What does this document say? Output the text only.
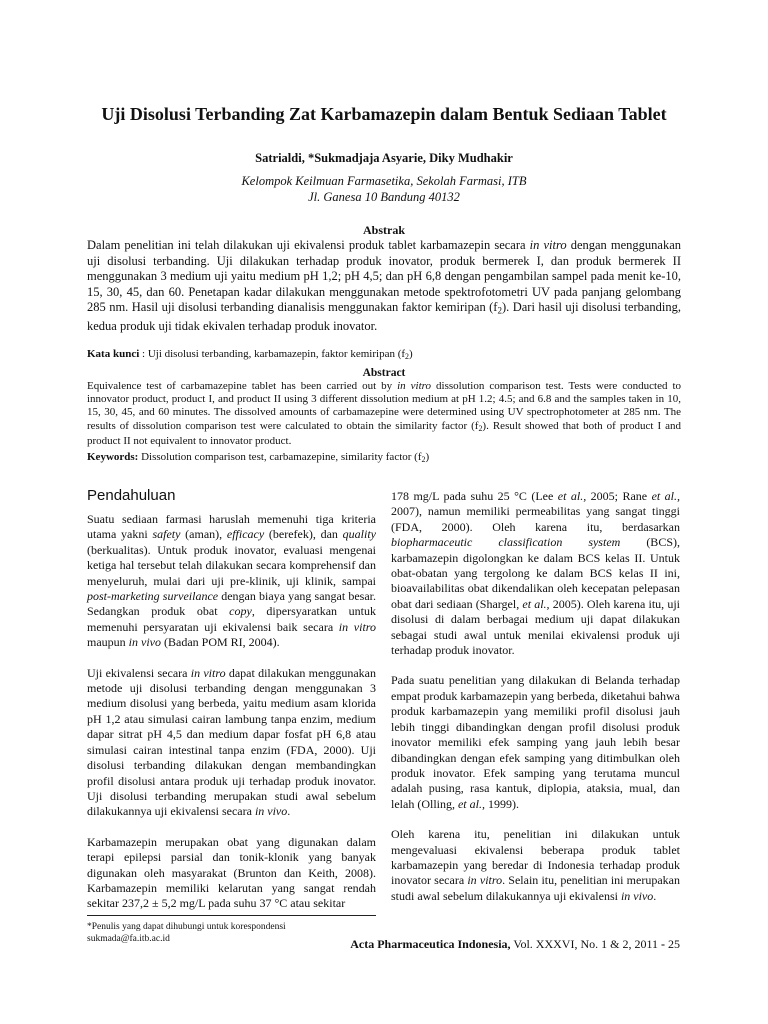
Uji Disolusi Terbanding Zat Karbamazepin dalam Bentuk Sediaan Tablet
Satrialdi, *Sukmadjaja Asyarie, Diky Mudhakir
Kelompok Keilmuan Farmasetika, Sekolah Farmasi, ITB
Jl. Ganesa 10 Bandung 40132
Abstrak
Dalam penelitian ini telah dilakukan uji ekivalensi produk tablet karbamazepin secara in vitro dengan menggunakan uji disolusi terbanding. Uji dilakukan terhadap produk inovator, produk bermerek I, dan produk bermerek II menggunakan 3 medium uji yaitu medium pH 1,2; pH 4,5; dan pH 6,8 dengan pengambilan sampel pada menit ke-10, 15, 30, 45, dan 60. Penetapan kadar dilakukan menggunakan metode spektrofotometri UV pada panjang gelombang 285 nm. Hasil uji disolusi terbanding dianalisis menggunakan faktor kemiripan $(f_2)$. Dari hasil uji disolusi terbanding, kedua produk uji tidak ekivalen terhadap produk inovator.
Kata kunci : Uji disolusi terbanding, karbamazepin, faktor kemiripan $(f_2)$
Abstract
Equivalence test of carbamazepine tablet has been carried out by in vitro dissolution comparison test. Tests were conducted to innovator product, product I, and product II using 3 different dissolution medium at pH 1.2; 4.5; and 6.8 and the samples taken in 10, 15, 30, 45, and 60 minutes. The dissolved amounts of carbamazepine were determined using UV spectrophotometer at 285 nm. The results of dissolution comparison test were calculated to obtain the similarity factor $(f_2)$. Result showed that both of product I and product II not equivalent to innovator product.
Keywords: Dissolution comparison test, carbamazepine, similarity factor $(f_2)$
Pendahuluan

Suatu sediaan farmasi haruslah memenuhi tiga kriteria utama yakni safety (aman), efficacy (berefek), dan quality (berkualitas). Untuk produk inovator, evaluasi mengenai ketiga hal tersebut telah dilakukan secara komprehensif dan menyeluruh, mulai dari uji pre-klinik, uji klinik, sampai post-marketing surveilance dengan biaya yang sangat besar. Sedangkan produk obat copy, dipersyaratkan untuk memenuhi persyaratan uji ekivalensi baik secara in vitro maupun in vivo (Badan POM RI, 2004).

Uji ekivalensi secara in vitro dapat dilakukan menggunakan metode uji disolusi terbanding dengan menggunakan 3 medium disolusi yang berbeda, yaitu medium asam klorida pH 1,2 atau simulasi cairan lambung tanpa enzim, medium dapar sitrat pH 4,5 dan medium dapar fosfat pH 6,8 atau simulasi cairan intestinal tanpa enzim (FDA, 2000). Uji disolusi terbanding dilakukan dengan membandingkan profil disolusi antara produk uji terhadap produk inovator. Uji disolusi terbanding merupakan studi awal sebelum dilakukannya uji ekivalensi secara in vivo.

Karbamazepin merupakan obat yang digunakan dalam terapi epilepsi parsial dan tonik-klonik yang banyak digunakan oleh masyarakat (Brunton dan Keith, 2008). Karbamazepin memiliki kelarutan yang sangat rendah sekitar 237,2 ± 5,2 mg/L pada suhu 37 °C atau sekitar

178 mg/L pada suhu 25 °C (Lee et al., 2005; Rane et al., 2007), namun memiliki permeabilitas yang sangat tinggi (FDA, 2000). Oleh karena itu, berdasarkan biopharmaceutic classification system (BCS), karbamazepin digolongkan ke dalam BCS kelas II. Untuk obat-obatan yang tergolong ke dalam BCS kelas II ini, bioavailabilitas obat dikendalikan oleh kecepatan pelepasan obat dari sediaan (Shargel, et al., 2005). Oleh karena itu, uji disolusi di dalam berbagai medium uji dapat dilakukan sebagai studi awal untuk menilai ekivalensi produk uji terhadap produk inovator.

Pada suatu penelitian yang dilakukan di Belanda terhadap empat produk karbamazepin yang berbeda, diketahui bahwa produk karbamazepin yang memiliki profil disolusi jauh lebih tinggi dibandingkan dengan profil disolusi produk inovator memiliki efek samping yang jauh lebih besar dibandingkan dengan efek samping yang ditimbulkan oleh produk inovator. Efek samping yang terutama muncul adalah pusing, rasa kantuk, diplopia, ataksia, mual, dan lelah (Olling, et al., 1999).

Oleh karena itu, penelitian ini dilakukan untuk mengevaluasi ekivalensi beberapa produk tablet karbamazepin yang beredar di Indonesia terhadap produk inovator secara in vitro. Selain itu, penelitian ini merupakan studi awal sebelum dilakukannya uji ekivalensi in vivo.

*Penulis yang dapat dihubungi untuk korespondensi
sukmada@fa.itb.ac.id	Acta Pharmaceutica Indonesia, Vol. XXXVI, No. 1 & 2, 2011 - 25
